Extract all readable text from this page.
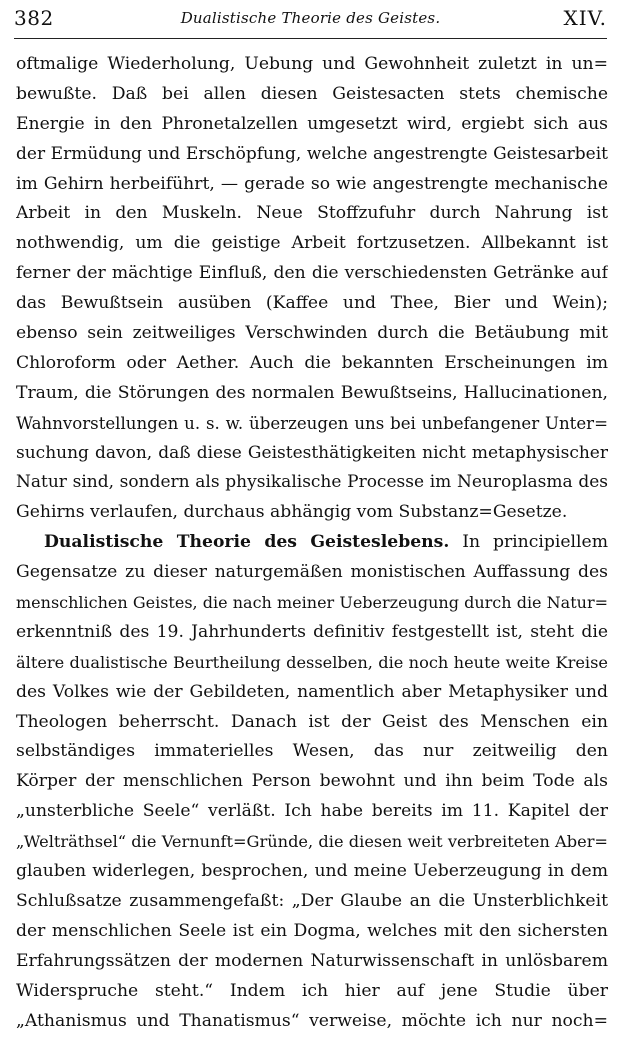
382	Dualistische Theorie des Geistes.	XIV.
oftmalige Wiederholung, Uebung und Gewohnheit zuletzt in un=
bewußte. Daß bei allen diesen Geistesacten stets chemische
Energie in den Phronetalzellen umgesetzt wird, ergiebt sich aus
der Ermüdung und Erschöpfung, welche angestrengte Geistesarbeit
im Gehirn herbeiführt, — gerade so wie angestrengte mechanische
Arbeit in den Muskeln. Neue Stoffzufuhr durch Nahrung ist
nothwendig, um die geistige Arbeit fortzusetzen. Allbekannt ist
ferner der mächtige Einfluß, den die verschiedensten Getränke auf
das Bewußtsein ausüben (Kaffee und Thee, Bier und Wein);
ebenso sein zeitweiliges Verschwinden durch die Betäubung mit
Chloroform oder Aether. Auch die bekannten Erscheinungen im
Traum, die Störungen des normalen Bewußtseins, Hallucinationen,
Wahnvorstellungen u. s. w. überzeugen uns bei unbefangener Unter=
suchung davon, daß diese Geistesthätigkeiten nicht metaphysischer
Natur sind, sondern als physikalische Processe im Neuroplasma des
Gehirns verlaufen, durchaus abhängig vom Substanz=Gesetze.
Dualistische Theorie des Geisteslebens. In principiellem
Gegensatze zu dieser naturgemäßen monistischen Auffassung des
menschlichen Geistes, die nach meiner Ueberzeugung durch die Natur=
erkenntniß des 19. Jahrhunderts definitiv festgestellt ist, steht die
ältere dualistische Beurtheilung desselben, die noch heute weite Kreise
des Volkes wie der Gebildeten, namentlich aber Metaphysiker und
Theologen beherrscht. Danach ist der Geist des Menschen ein
selbständiges immaterielles Wesen, das nur zeitweilig den
Körper der menschlichen Person bewohnt und ihn beim Tode als
„unsterbliche Seele“ verläßt. Ich habe bereits im 11. Kapitel der
„Welträthsel“ die Vernunft=Gründe, die diesen weit verbreiteten Aber=
glauben widerlegen, besprochen, und meine Ueberzeugung in dem
Schlußsatze zusammengefaßt: „Der Glaube an die Unsterblichkeit
der menschlichen Seele ist ein Dogma, welches mit den sichersten
Erfahrungssätzen der modernen Naturwissenschaft in unlösbarem
Widerspruche steht.“ Indem ich hier auf jene Studie über
„Athanismus und Thanatismus“ verweise, möchte ich nur noch=
